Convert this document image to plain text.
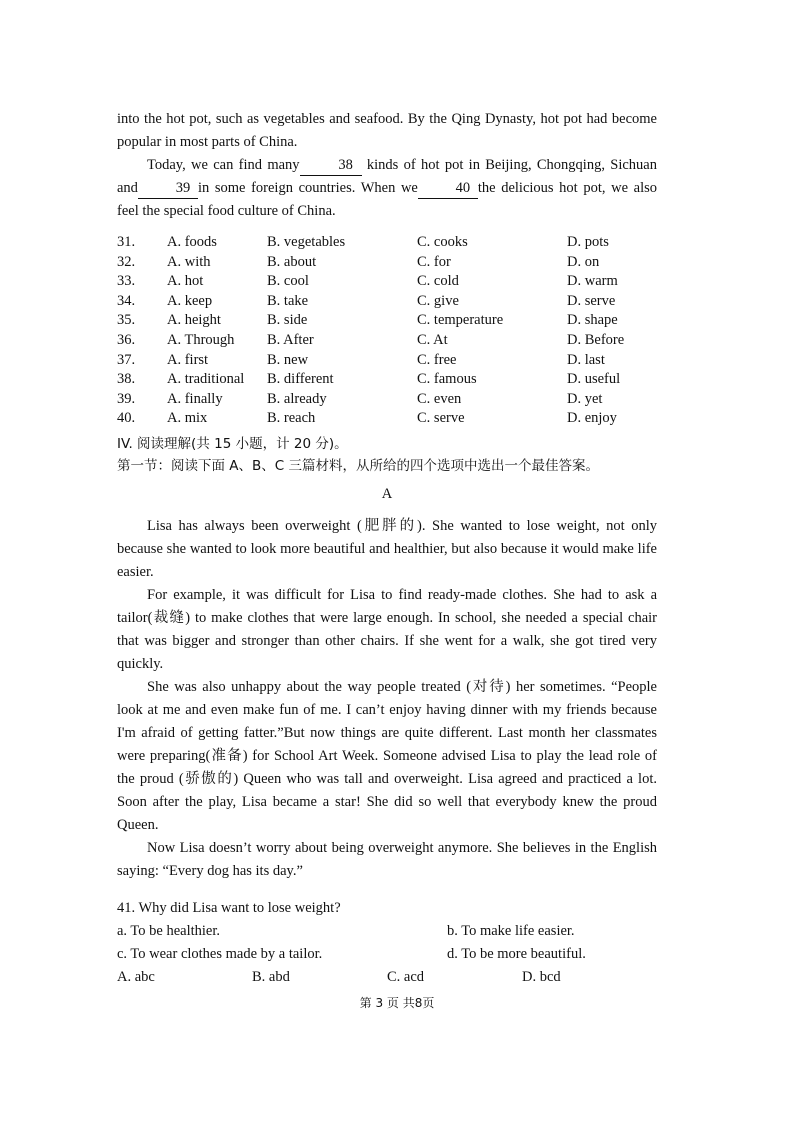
into the hot pot, such as vegetables and seafood. By the Qing Dynasty, hot pot had become popular in most parts of China.

Today, we can find many	38 kinds of hot pot in Beijing, Chongqing, Sichuan and	39 in some foreign countries. When we	40 the delicious hot pot, we also feel the special food culture of China.

31.	A. foods	B. vegetables	C. cooks	D. pots
32.	A. with	B. about	C. for	D. on
33.	A. hot	B. cool	C. cold	D. warm
34.	A. keep	B. take	C. give	D. serve
35.	A. height	B. side	C. temperature	D. shape
36.	A. Through	B. After	C. At	D. Before
37.	A. first	B. new	C. free	D. last
38.	A. traditional	B. different	C. famous	D. useful
39.	A. finally	B. already	C. even	D. yet
40.	A. mix	B. reach	C. serve	D. enjoy
IV. 阅读理解(共 15 小题，计 20 分)。
第一节：阅读下面 A、B、C 三篇材料，从所给的四个选项中选出一个最佳答案。
A

Lisa has always been overweight (肥胖的). She wanted to lose weight, not only because she wanted to look more beautiful and healthier, but also because it would make life easier.

For example, it was difficult for Lisa to find ready-made clothes. She had to ask a tailor(裁缝) to make clothes that were large enough. In school, she needed a special chair that was bigger and stronger than other chairs. If she went for a walk, she got tired very quickly.

She was also unhappy about the way people treated (对待) her sometimes. “People look at me and even make fun of me. I can’t enjoy having dinner with my friends because I'm afraid of getting fatter.”But now things are quite different. Last month her classmates were preparing(准备) for School Art Week. Someone advised Lisa to play the lead role of the proud (骄傲的) Queen who was tall and overweight. Lisa agreed and practiced a lot. Soon after the play, Lisa became a star! She did so well that everybody knew the proud Queen.

Now Lisa doesn’t worry about being overweight anymore. She believes in the English saying: “Every dog has its day.”

41. Why did Lisa want to lose weight?
a. To be healthier.	b. To make life easier.
c. To wear clothes made by a tailor.	d. To be more beautiful.
A. abc	B. abd	C. acd	D. bcd
第 3 页 共8页
